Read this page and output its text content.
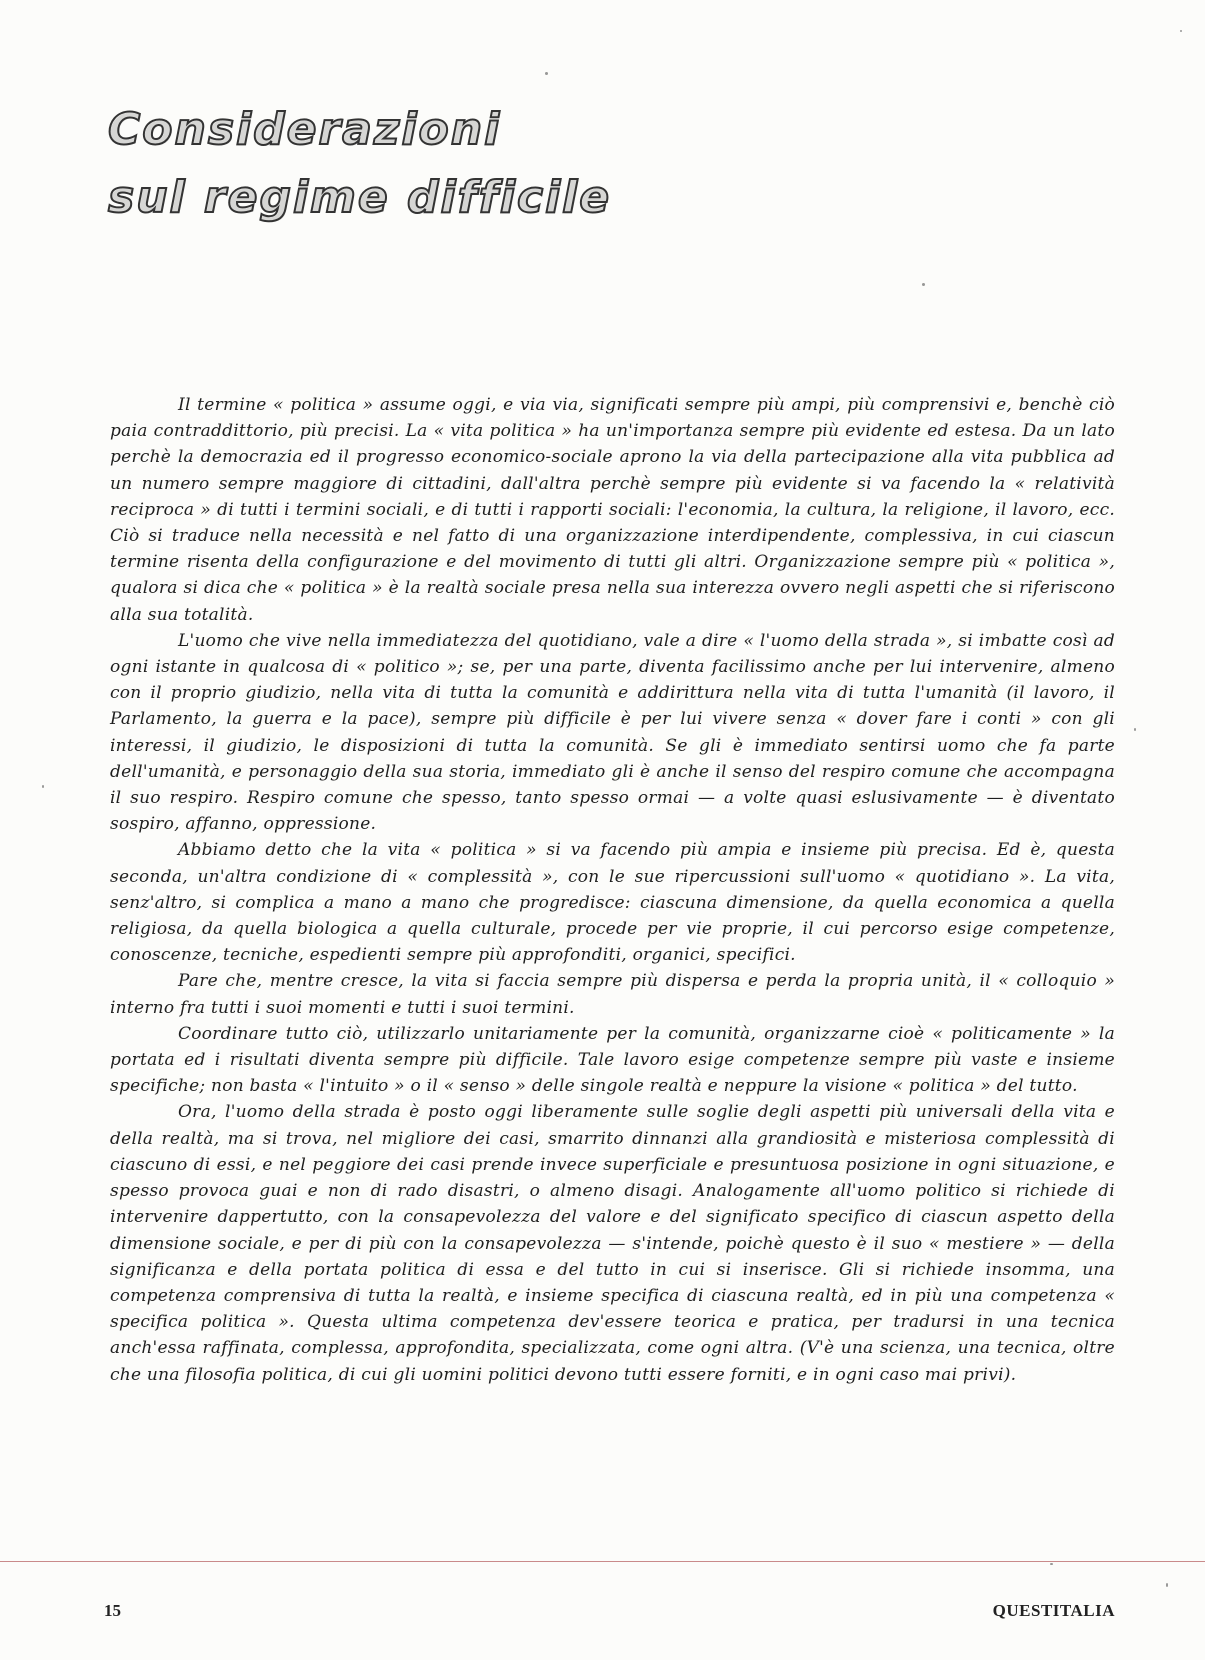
Considerazioni
sul regime difficile

Il termine « politica » assume oggi, e via via, significati sempre più ampi, più comprensivi e, benchè ciò paia contraddittorio, più precisi. La « vita politica » ha un'importanza sempre più evidente ed estesa. Da un lato perchè la democrazia ed il progresso economico-sociale aprono la via della partecipazione alla vita pubblica ad un numero sempre maggiore di cittadini, dall'altra perchè sempre più evidente si va facendo la « relatività reciproca » di tutti i termini sociali, e di tutti i rapporti sociali: l'economia, la cultura, la religione, il lavoro, ecc. Ciò si traduce nella necessità e nel fatto di una organizzazione interdipendente, complessiva, in cui ciascun termine risenta della configurazione e del movimento di tutti gli altri. Organizzazione sempre più « politica », qualora si dica che « politica » è la realtà sociale presa nella sua interezza ovvero negli aspetti che si riferiscono alla sua totalità.

L'uomo che vive nella immediatezza del quotidiano, vale a dire « l'uomo della strada », si imbatte così ad ogni istante in qualcosa di « politico »; se, per una parte, diventa facilissimo anche per lui intervenire, almeno con il proprio giudizio, nella vita di tutta la comunità e addirittura nella vita di tutta l'umanità (il lavoro, il Parlamento, la guerra e la pace), sempre più difficile è per lui vivere senza « dover fare i conti » con gli interessi, il giudizio, le disposizioni di tutta la comunità. Se gli è immediato sentirsi uomo che fa parte dell'umanità, e personaggio della sua storia, immediato gli è anche il senso del respiro comune che accompagna il suo respiro. Respiro comune che spesso, tanto spesso ormai — a volte quasi eslusivamente — è diventato sospiro, affanno, oppressione.

Abbiamo detto che la vita « politica » si va facendo più ampia e insieme più precisa. Ed è, questa seconda, un'altra condizione di « complessità », con le sue ripercussioni sull'uomo « quotidiano ». La vita, senz'altro, si complica a mano a mano che progredisce: ciascuna dimensione, da quella economica a quella religiosa, da quella biologica a quella culturale, procede per vie proprie, il cui percorso esige competenze, conoscenze, tecniche, espedienti sempre più approfonditi, organici, specifici.

Pare che, mentre cresce, la vita si faccia sempre più dispersa e perda la propria unità, il « colloquio » interno fra tutti i suoi momenti e tutti i suoi termini.

Coordinare tutto ciò, utilizzarlo unitariamente per la comunità, organizzarne cioè « politicamente » la portata ed i risultati diventa sempre più difficile. Tale lavoro esige competenze sempre più vaste e insieme specifiche; non basta « l'intuito » o il « senso » delle singole realtà e neppure la visione « politica » del tutto.

Ora, l'uomo della strada è posto oggi liberamente sulle soglie degli aspetti più universali della vita e della realtà, ma si trova, nel migliore dei casi, smarrito dinnanzi alla grandiosità e misteriosa complessità di ciascuno di essi, e nel peggiore dei casi prende invece superficiale e presuntuosa posizione in ogni situazione, e spesso provoca guai e non di rado disastri, o almeno disagi. Analogamente all'uomo politico si richiede di intervenire dappertutto, con la consapevolezza del valore e del significato specifico di ciascun aspetto della dimensione sociale, e per di più con la consapevolezza — s'intende, poichè questo è il suo « mestiere » — della significanza e della portata politica di essa e del tutto in cui si inserisce. Gli si richiede insomma, una competenza comprensiva di tutta la realtà, e insieme specifica di ciascuna realtà, ed in più una competenza « specifica politica ». Questa ultima competenza dev'essere teorica e pratica, per tradursi in una tecnica anch'essa raffinata, complessa, approfondita, specializzata, come ogni altra. (V'è una scienza, una tecnica, oltre che una filosofia politica, di cui gli uomini politici devono tutti essere forniti, e in ogni caso mai privi).

15	QUESTITALIA
